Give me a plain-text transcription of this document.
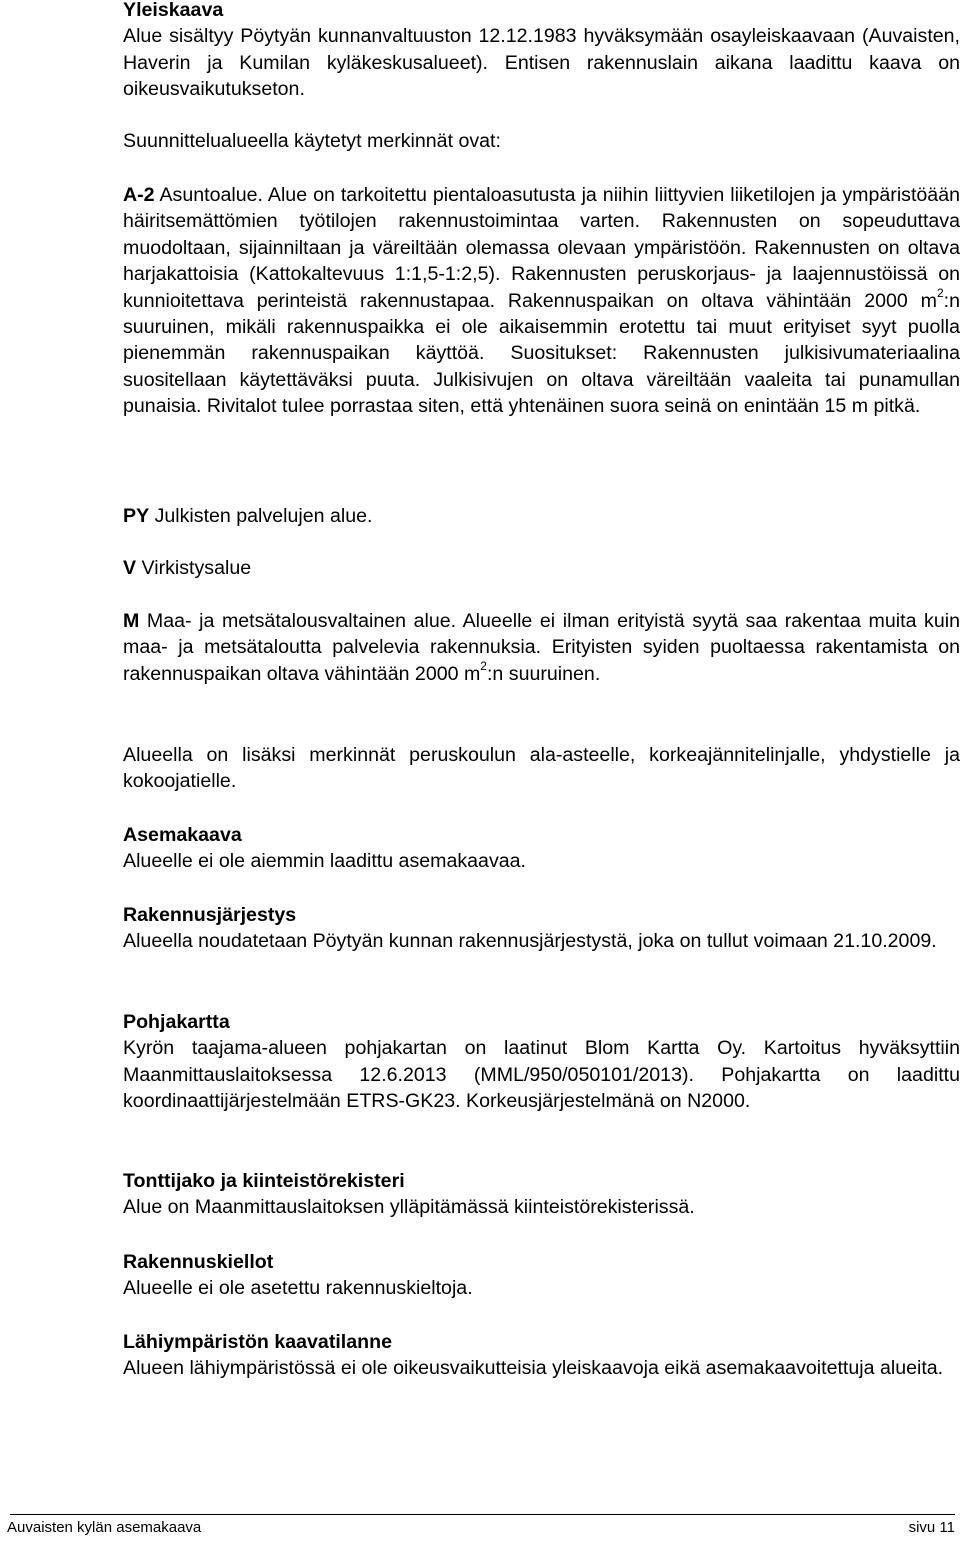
Yleiskaava

Alue sisältyy Pöytyän kunnanvaltuuston 12.12.1983 hyväksymään osayleiskaavaan (Auvaisten, Haverin ja Kumilan kyläkeskusalueet). Entisen rakennuslain aikana laadittu kaava on oikeusvaikutukseton.

Suunnittelualueella käytetyt merkinnät ovat:

A-2 Asuntoalue. Alue on tarkoitettu pientaloasutusta ja niihin liittyvien liiketilojen ja ympäristöään häiritsemättömien työtilojen rakennustoimintaa varten. Rakennusten on sopeuduttava muodoltaan, sijainniltaan ja väreiltään olemassa olevaan ympäristöön. Rakennusten on oltava harjakattoisia (Kattokaltevuus 1:1,5-1:2,5). Rakennusten peruskorjaus- ja laajennustöissä on kunnioitettava perinteistä rakennustapaa. Rakennuspaikan on oltava vähintään 2000 $m^2:n$ suuruinen, mikäli rakennuspaikka ei ole aikaisemmin erotettu tai muut erityiset syyt puolla pienemmän rakennuspaikan käyttöä. Suositukset: Rakennusten julkisivumateriaalina suositellaan käytettäväksi puuta. Julkisivujen on oltava väreiltään vaaleita tai punamullan punaisia. Rivitalot tulee porrastaa siten, että yhtenäinen suora seinä on enintään 15 m pitkä.

PY Julkisten palvelujen alue.

V Virkistysalue

M Maa- ja metsätalousvaltainen alue. Alueelle ei ilman erityistä syytä saa rakentaa muita kuin maa- ja metsätaloutta palvelevia rakennuksia. Erityisten syiden puoltaessa rakentamista on rakennuspaikan oltava vähintään 2000 $m^2:n$ suuruinen.

Alueella on lisäksi merkinnät peruskoulun ala-asteelle, korkeajännitelinjalle, yhdystielle ja kokoojatielle.

Asemakaava

Alueelle ei ole aiemmin laadittu asemakaavaa.

Rakennusjärjestys

Alueella noudatetaan Pöytyän kunnan rakennusjärjestystä, joka on tullut voimaan 21.10.2009.

Pohjakartta

Kyrön taajama-alueen pohjakartan on laatinut Blom Kartta Oy. Kartoitus hyväksyttiin Maanmittauslaitoksessa 12.6.2013 (MML/950/050101/2013). Pohjakartta on laadittu koordinaattijärjestelmään ETRS-GK23. Korkeusjärjestelmänä on N2000.

Tonttijako ja kiinteistörekisteri

Alue on Maanmittauslaitoksen ylläpitämässä kiinteistörekisterissä.

Rakennuskiellot

Alueelle ei ole asetettu rakennuskieltoja.

Lähiympäristön kaavatilanne

Alueen lähiympäristössä ei ole oikeusvaikutteisia yleiskaavoja eikä asemakaavoitettuja alueita.

Auvaisten kylän asemakaava	sivu 11
